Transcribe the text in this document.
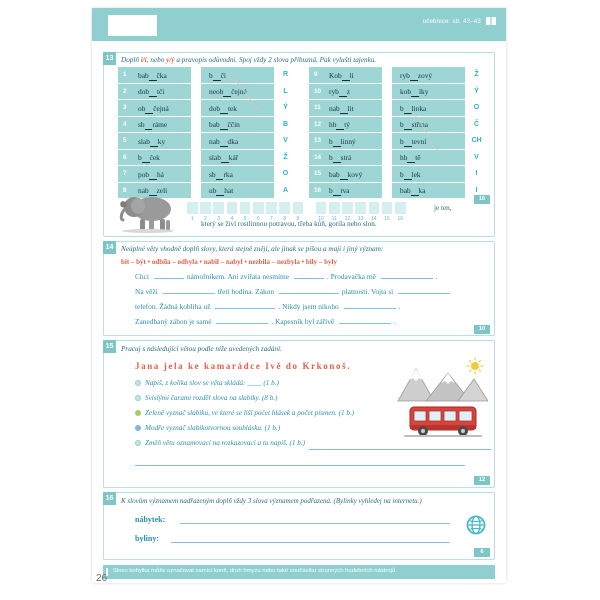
učebnice: str. 42–43
13	Doplň i/í, nebo y/ý a pravopis odůvodni. Spoj vždy 2 slova příbuzná. Pak vylušti tajenku.
1 bab čka
2 dob tči
3 ob čejná
4 sb ráme
5 slab ky
6 b ček
7 pob há
8 nab zeli
b či	R
neob čejné	L
dob tek	Ý
bab ččin	B
nab dka	V
slab kář	Ž
sb rka	O
ub hat	A
9 Kob li
10 ryb z
11 nab lit
12 hb tý
13 b linný
14 b strá
15 bab kový
16 b tva
ryb zový	Ž
kob lky	Ý
b linka	O
b střina	Č
b tevní	CH
hb tě	V
b lek	I
bab ka	I
1	2	3	4	5	6	7	8	9	10	11	12	13	14	15	16
je ten,
který se živí rostlinnou potravou, třeba kůň, gorila nebo slon.
16
14	Neúplné věty vhodně doplň slovy, která stejně znějí, ale jinak se píšou a mají i jiný význam:
bít – být • odbila – odbyla • nabil – nabyl • nezbila – nezbyla • bily – byly
Chci	námořníkem. Ani zvířata nesmíme	. Prodavačka mě	.
Na věži	třetí hodina. Zákon	platnosti. Vojta si
telefon. Žádná kobliha už	. Nikdy jsem nikoho	.
Zanedbaný záhon je samé	. Kapesník byl zářivě	.
10
15	Pracuj s následující větou podle níže uvedených zadání.
Jana jela ke kamarádce Ivě do Krkonoš.
Napiš, z kolika slov se věta skládá: ____ (1 b.)
Svislými čarami rozděl slova na slabiky. (8 b.)
Zeleně vyznač slabiku, ve které se liší počet hlásek a počet písmen. (1 b.)
Modře vyznač slabikotvornou souhlásku. (1 b.)
Změň větu oznamovací na rozkazovací a tu napiš. (1 b.)
12
16	K slovům významem nadřazeným doplň vždy 3 slova významem podřazená. (Bylinky vyhledej na internetu.)
nábytek:
byliny:
6
Slovo kobylka může označovat samici koně, druh hmyzu nebo také součástku strunných hudebních nástrojů.
26
